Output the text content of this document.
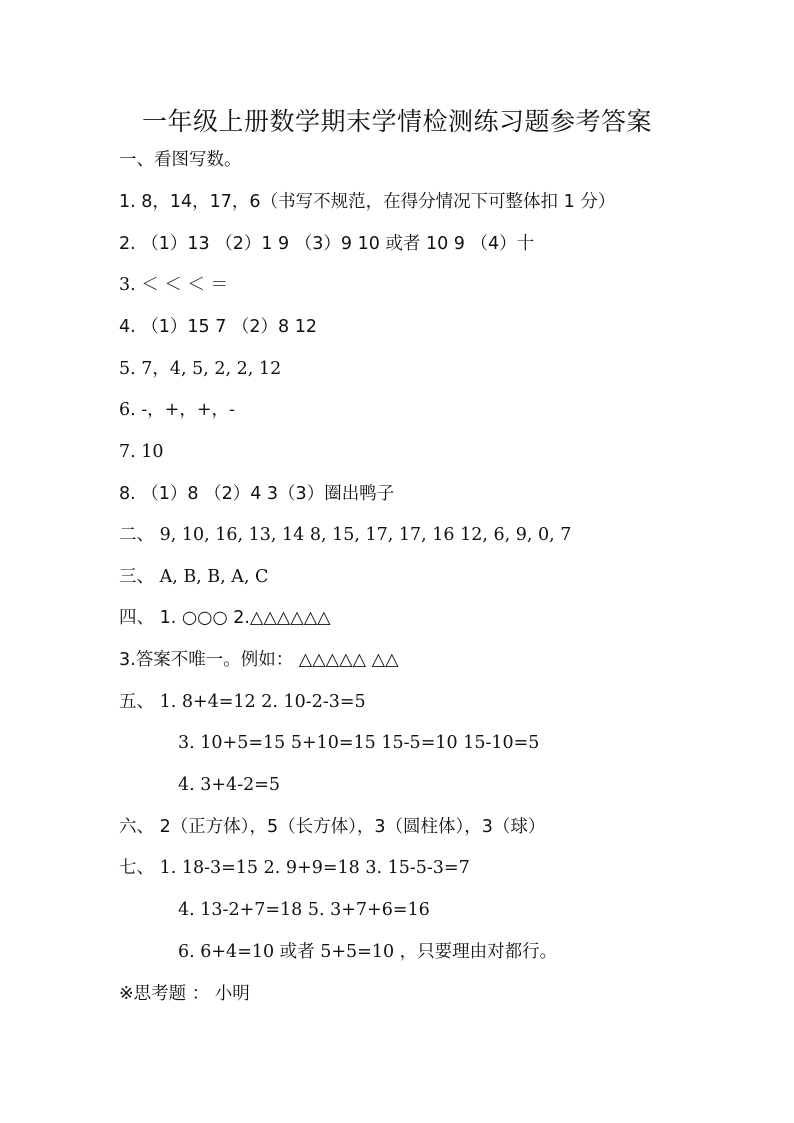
一年级上册数学期末学情检测练习题参考答案
一、看图写数。
1. 8，14，17，6（书写不规范，在得分情况下可整体扣 1 分）
2. （1）13 （2）1 9 （3）9 10 或者 10 9 （4）十
3. ＜ ＜ ＜ ＝
4. （1）15 7 （2）8 12
5. 7，4, 5, 2, 2, 12
6. -，+，+，-
7. 10
8. （1）8 （2）4 3（3）圈出鸭子
二、 9, 10, 16, 13, 14 8, 15, 17, 17, 16 12, 6, 9, 0, 7
三、 A, B, B, A, C
四、 1. ○○○ 2.△△△△△△
3.答案不唯一。例如： △△△△△ △△
五、 1. 8+4=12 2. 10-2-3=5
3. 10+5=15 5+10=15 15-5=10 15-10=5
4. 3+4-2=5
六、 2（正方体），5（长方体），3（圆柱体），3（球）
七、 1. 18-3=15 2. 9+9=18 3. 15-5-3=7
4. 13-2+7=18 5. 3+7+6=16
6. 6+4=10 或者 5+5=10 ，只要理由对都行。
※思考题 ： 小明
